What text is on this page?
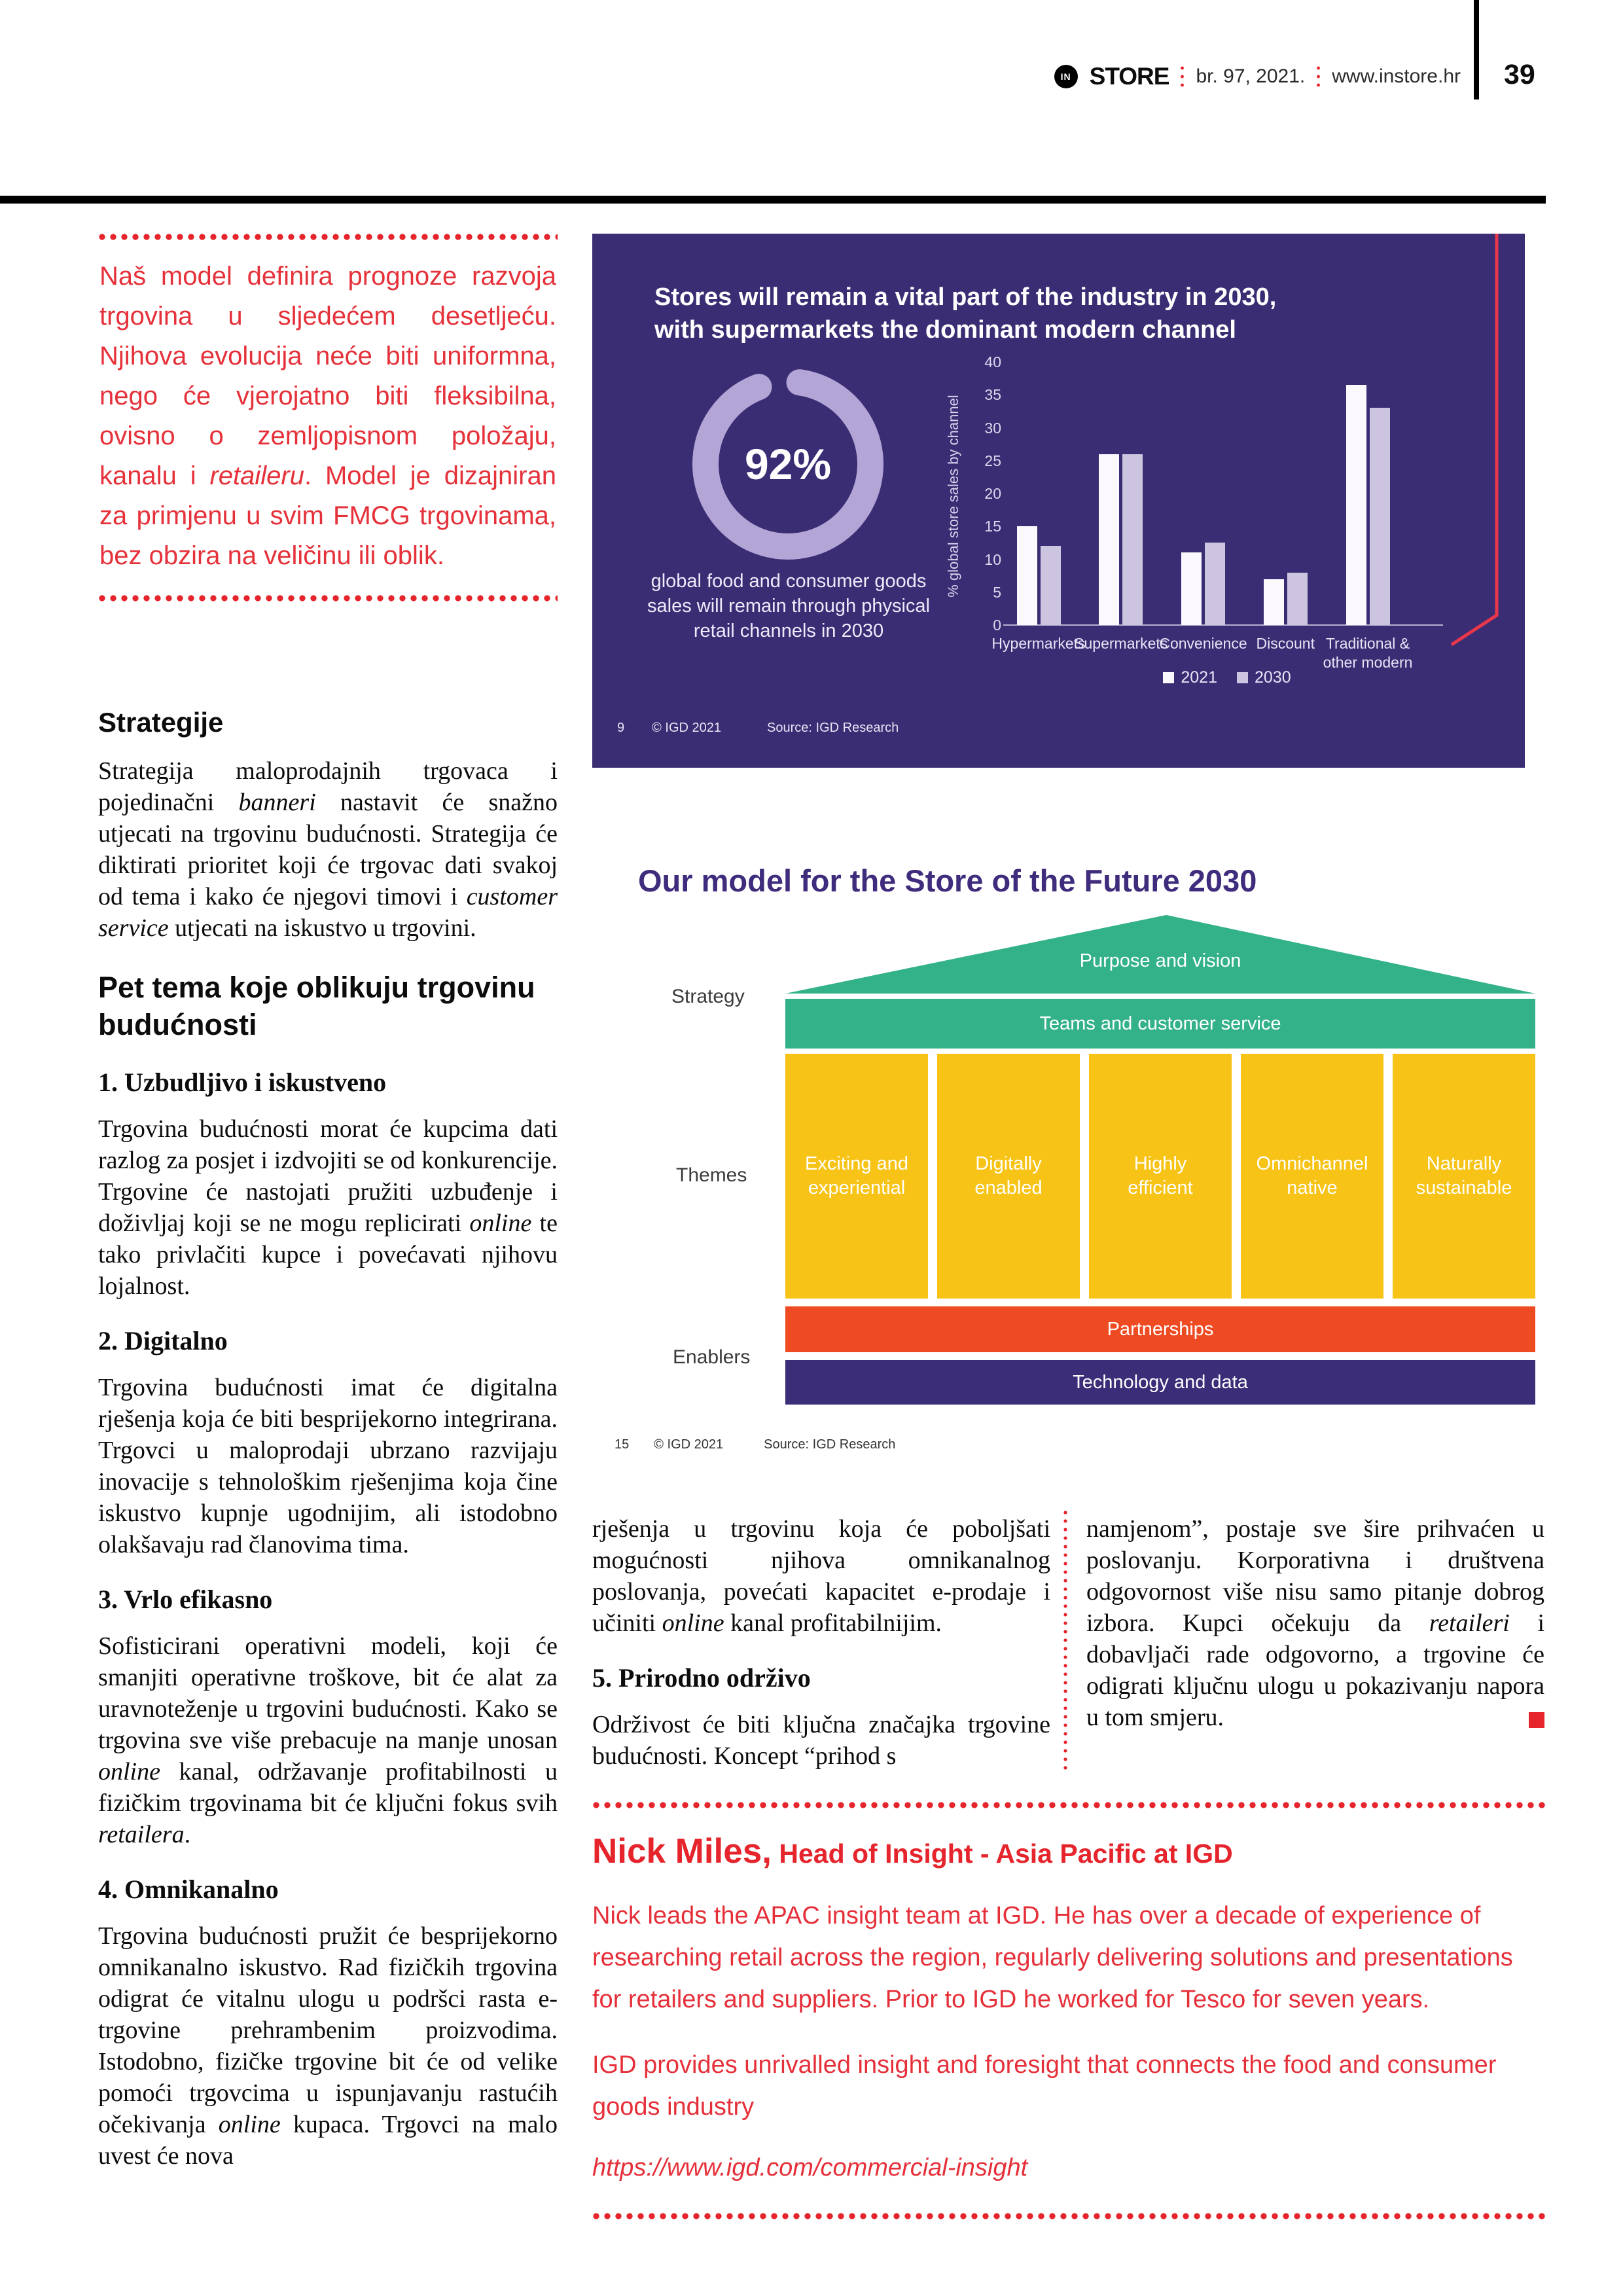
IN STORE br. 97, 2021. www.instore.hr 39
Naš model definira prognoze razvoja trgovina u sljedećem desetljeću. Njihova evolucija neće biti uniformna, nego će vjerojatno biti fleksibilna, ovisno o zemljopisnom položaju, kanalu i retaileru. Model je dizajniran za primjenu u svim FMCG trgovinama, bez obzira na veličinu ili oblik.
Stores will remain a vital part of the industry in 2030, with supermarkets the dominant modern channel
92%
global food and consumer goods sales will remain through physical retail channels in 2030
% global store sales by channel
0
5
10
15
20
25
30
35
40
Hypermarkets
Supermarkets
Convenience Discount Traditional & other modern
2021 2030
9 © IGD 2021	Source: IGD Research
Our model for the Store of the Future 2030
Strategy
Themes
Enablers
Purpose and vision
Teams and customer service
Exciting and experiential
Digitally enabled
Highly efficient
Omnichannel native
Naturally sustainable
Partnerships
Technology and data
15 © IGD 2021	Source: IGD Research
Strategije
Strategija maloprodajnih trgovaca i pojedinačni banneri nastavit će snažno utjecati na trgovinu budućnosti. Strategija će diktirati prioritet koji će trgovac dati svakoj od tema i kako će njegovi timovi i customer service utjecati na iskustvo u trgovini.
Pet tema koje oblikuju trgovinu budućnosti
1. Uzbudljivo i iskustveno
Trgovina budućnosti morat će kupcima dati razlog za posjet i izdvojiti se od konkurencije. Trgovine će nastojati pružiti uzbuđenje i doživljaj koji se ne mogu replicirati online te tako privlačiti kupce i povećavati njihovu lojalnost.
2. Digitalno
Trgovina budućnosti imat će digitalna rješenja koja će biti besprijekorno integrirana. Trgovci u maloprodaji ubrzano razvijaju inovacije s tehnološkim rješenjima koja čine iskustvo kupnje ugodnijim, ali istodobno olakšavaju rad članovima tima.
3. Vrlo efikasno
Sofisticirani operativni modeli, koji će smanjiti operativne troškove, bit će alat za uravnoteženje u trgovini budućnosti. Kako se trgovina sve više prebacuje na manje unosan online kanal, održavanje profitabilnosti u fizičkim trgovinama bit će ključni fokus svih retailera.
4. Omnikanalno
Trgovina budućnosti pružit će besprijekorno omnikanalno iskustvo. Rad fizičkih trgovina odigrat će vitalnu ulogu u podršci rasta e-trgovine prehrambenim proizvodima. Istodobno, fizičke trgovine bit će od velike pomoći trgovcima u ispunjavanju rastućih očekivanja online kupaca. Trgovci na malo uvest će nova
rješenja u trgovinu koja će poboljšati mogućnosti njihova omnikanalnog poslovanja, povećati kapacitet e-prodaje i učiniti online kanal profitabilnijim.
5. Prirodno održivo
Održivost će biti ključna značajka trgovine budućnosti. Koncept “prihod s
namjenom”, postaje sve šire prihvaćen u poslovanju. Korporativna i društvena odgovornost više nisu samo pitanje dobrog izbora. Kupci očekuju da retaileri i dobavljači rade odgovorno, a trgovine će odigrati ključnu ulogu u pokazivanju napora u tom smjeru.
Nick Miles, Head of Insight - Asia Pacific at IGD
Nick leads the APAC insight team at IGD. He has over a decade of experience of researching retail across the region, regularly delivering solutions and presentations for retailers and suppliers. Prior to IGD he worked for Tesco for seven years.
IGD provides unrivalled insight and foresight that connects the food and consumer goods industry
https://www.igd.com/commercial-insight
